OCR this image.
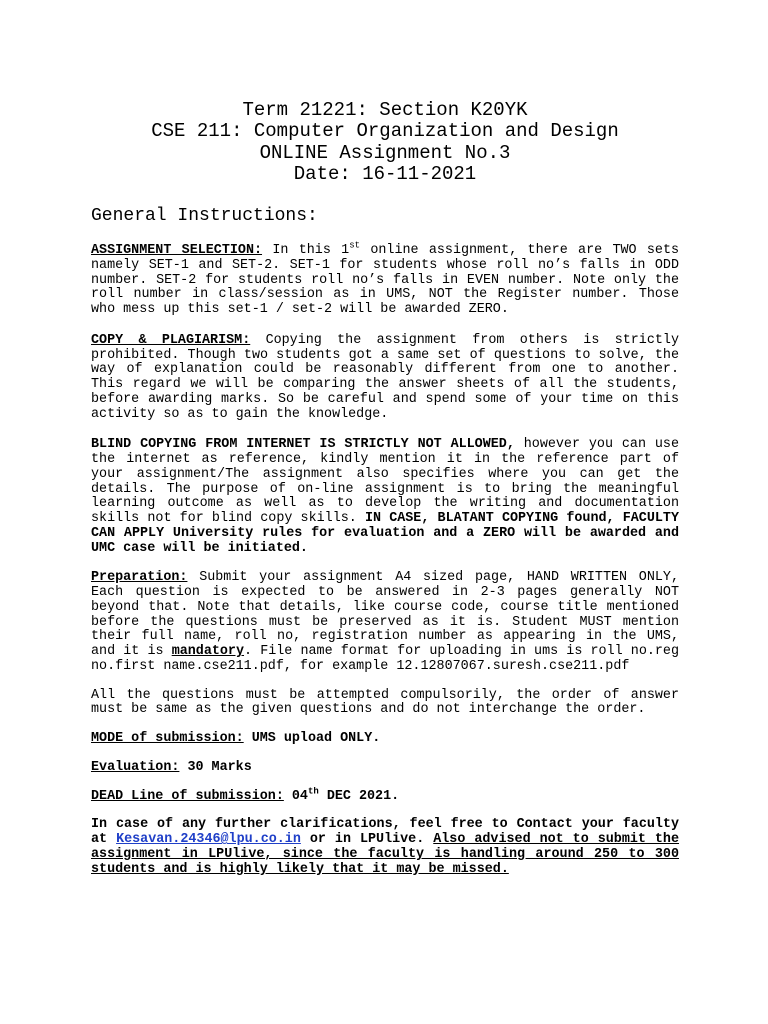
Term 21221: Section K20YK
CSE 211: Computer Organization and Design
ONLINE Assignment No.3
Date: 16-11-2021
General Instructions:

ASSIGNMENT SELECTION: In this 1st online assignment, there are TWO sets namely SET-1 and SET-2. SET-1 for students whose roll no’s falls in ODD number. SET-2 for students roll no’s falls in EVEN number. Note only the roll number in class/session as in UMS, NOT the Register number. Those who mess up this set-1 / set-2 will be awarded ZERO.

COPY & PLAGIARISM: Copying the assignment from others is strictly prohibited. Though two students got a same set of questions to solve, the way of explanation could be reasonably different from one to another. This regard we will be comparing the answer sheets of all the students, before awarding marks. So be careful and spend some of your time on this activity so as to gain the knowledge.

BLIND COPYING FROM INTERNET IS STRICTLY NOT ALLOWED, however you can use the internet as reference, kindly mention it in the reference part of your assignment/The assignment also specifies where you can get the details. The purpose of on-line assignment is to bring the meaningful learning outcome as well as to develop the writing and documentation skills not for blind copy skills. IN CASE, BLATANT COPYING found, FACULTY CAN APPLY University rules for evaluation and a ZERO will be awarded and UMC case will be initiated.

Preparation: Submit your assignment A4 sized page, HAND WRITTEN ONLY, Each question is expected to be answered in 2-3 pages generally NOT beyond that. Note that details, like course code, course title mentioned before the questions must be preserved as it is. Student MUST mention their full name, roll no, registration number as appearing in the UMS, and it is mandatory. File name format for uploading in ums is roll no.reg no.first name.cse211.pdf, for example 12.12807067.suresh.cse211.pdf

All the questions must be attempted compulsorily, the order of answer must be same as the given questions and do not interchange the order.

MODE of submission: UMS upload ONLY.

Evaluation: 30 Marks

DEAD Line of submission: 04th DEC 2021.

In case of any further clarifications, feel free to Contact your faculty at Kesavan.24346@lpu.co.in or in LPUlive. Also advised not to submit the assignment in LPUlive, since the faculty is handling around 250 to 300 students and is highly likely that it may be missed.
